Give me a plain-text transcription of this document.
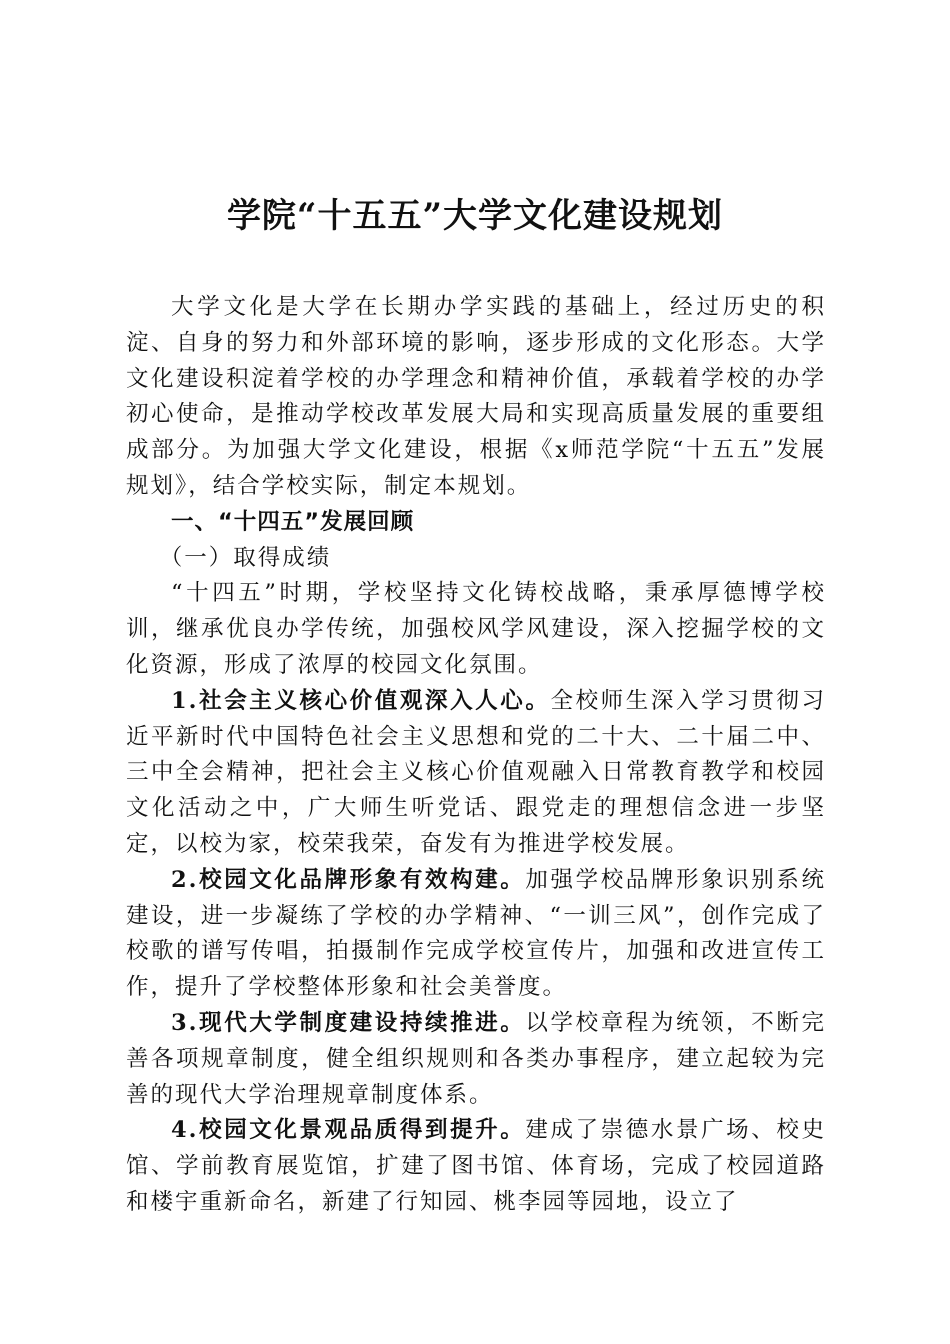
学院“十五五”大学文化建设规划

大学文化是大学在长期办学实践的基础上，经过历史的积淀、自身的努力和外部环境的影响，逐步形成的文化形态。大学文化建设积淀着学校的办学理念和精神价值，承载着学校的办学初心使命，是推动学校改革发展大局和实现高质量发展的重要组成部分。为加强大学文化建设，根据《x师范学院“十五五”发展规划》，结合学校实际，制定本规划。

一、“十四五”发展回顾

（一）取得成绩

“十四五”时期，学校坚持文化铸校战略，秉承厚德博学校训，继承优良办学传统，加强校风学风建设，深入挖掘学校的文化资源，形成了浓厚的校园文化氛围。

1.社会主义核心价值观深入人心。全校师生深入学习贯彻习近平新时代中国特色社会主义思想和党的二十大、二十届二中、三中全会精神，把社会主义核心价值观融入日常教育教学和校园文化活动之中，广大师生听党话、跟党走的理想信念进一步坚定，以校为家，校荣我荣，奋发有为推进学校发展。

2.校园文化品牌形象有效构建。加强学校品牌形象识别系统建设，进一步凝练了学校的办学精神、“一训三风”，创作完成了校歌的谱写传唱，拍摄制作完成学校宣传片，加强和改进宣传工作，提升了学校整体形象和社会美誉度。

3.现代大学制度建设持续推进。以学校章程为统领，不断完善各项规章制度，健全组织规则和各类办事程序，建立起较为完善的现代大学治理规章制度体系。

4.校园文化景观品质得到提升。建成了崇德水景广场、校史馆、学前教育展览馆，扩建了图书馆、体育场，完成了校园道路和楼宇重新命名，新建了行知园、桃李园等园地，设立了
